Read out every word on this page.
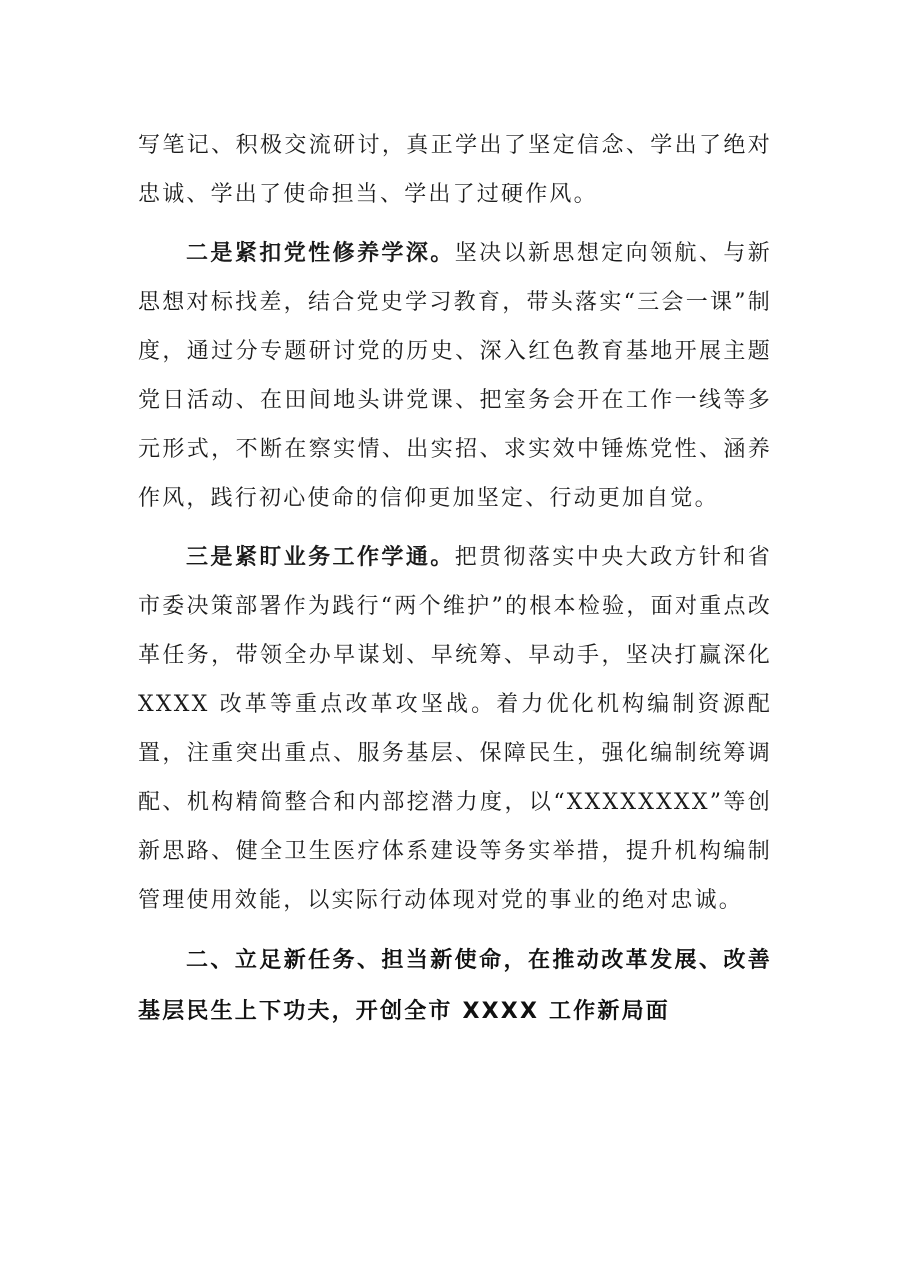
写笔记、积极交流研讨，真正学出了坚定信念、学出了绝对忠诚、学出了使命担当、学出了过硬作风。

二是紧扣党性修养学深。坚决以新思想定向领航、与新思想对标找差，结合党史学习教育，带头落实“三会一课”制度，通过分专题研讨党的历史、深入红色教育基地开展主题党日活动、在田间地头讲党课、把室务会开在工作一线等多元形式，不断在察实情、出实招、求实效中锤炼党性、涵养作风，践行初心使命的信仰更加坚定、行动更加自觉。

三是紧盯业务工作学通。把贯彻落实中央大政方针和省市委决策部署作为践行“两个维护”的根本检验，面对重点改革任务，带领全办早谋划、早统筹、早动手，坚决打赢深化 XXXX 改革等重点改革攻坚战。着力优化机构编制资源配置，注重突出重点、服务基层、保障民生，强化编制统筹调配、机构精简整合和内部挖潜力度，以“XXXXXXXX”等创新思路、健全卫生医疗体系建设等务实举措，提升机构编制管理使用效能，以实际行动体现对党的事业的绝对忠诚。

二、立足新任务、担当新使命，在推动改革发展、改善基层民生上下功夫，开创全市 XXXX 工作新局面
